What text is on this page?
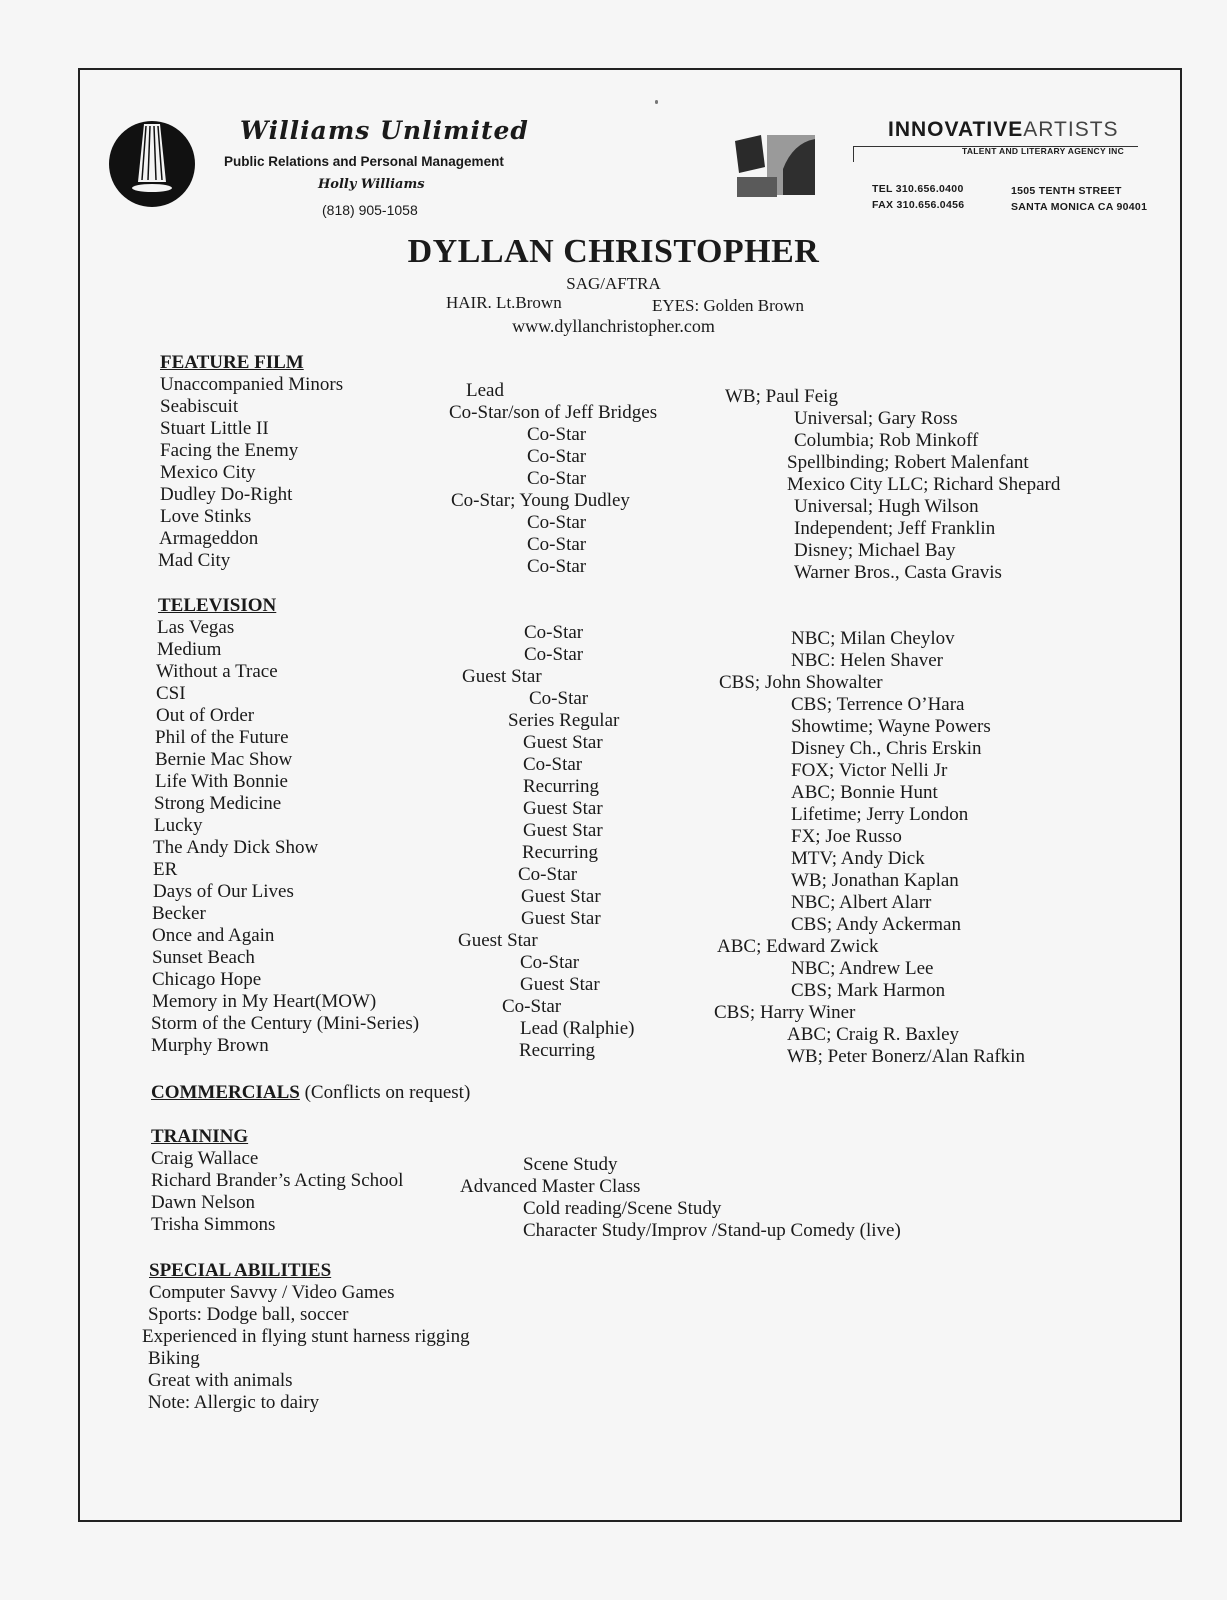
Williams Unlimited
Public Relations and Personal Management
Holly Williams
(818) 905-1058
INNOVATIVEARTISTS
TALENT AND LITERARY AGENCY INC
TEL 310.656.0400
FAX 310.656.0456
1505 TENTH STREET
SANTA MONICA CA 90401
DYLLAN CHRISTOPHER
SAG/AFTRA
HAIR. Lt.Brown	EYES: Golden Brown
www.dyllanchristopher.com
FEATURE FILM
Unaccompanied Minors	Lead	WB; Paul Feig
Seabiscuit	Co-Star/son of Jeff Bridges	Universal; Gary Ross
Stuart Little II	Co-Star	Columbia; Rob Minkoff
Facing the Enemy	Co-Star	Spellbinding; Robert Malenfant
Mexico City	Co-Star	Mexico City LLC; Richard Shepard
Dudley Do-Right	Co-Star; Young Dudley	Universal; Hugh Wilson
Love Stinks	Co-Star	Independent; Jeff Franklin
Armageddon	Co-Star	Disney; Michael Bay
Mad City	Co-Star	Warner Bros., Casta Gravis
TELEVISION
Las Vegas	Co-Star	NBC; Milan Cheylov
Medium	Co-Star	NBC: Helen Shaver
Without a Trace	Guest Star	CBS; John Showalter
CSI	Co-Star	CBS; Terrence O’Hara
Out of Order	Series Regular	Showtime; Wayne Powers
Phil of the Future	Guest Star	Disney Ch., Chris Erskin
Bernie Mac Show	Co-Star	FOX; Victor Nelli Jr
Life With Bonnie	Recurring	ABC; Bonnie Hunt
Strong Medicine	Guest Star	Lifetime; Jerry London
Lucky	Guest Star	FX; Joe Russo
The Andy Dick Show	Recurring	MTV; Andy Dick
ER	Co-Star	WB; Jonathan Kaplan
Days of Our Lives	Guest Star	NBC; Albert Alarr
Becker	Guest Star	CBS; Andy Ackerman
Once and Again	Guest Star	ABC; Edward Zwick
Sunset Beach	Co-Star	NBC; Andrew Lee
Chicago Hope	Guest Star	CBS; Mark Harmon
Memory in My Heart(MOW)	Co-Star	CBS; Harry Winer
Storm of the Century (Mini-Series)	Lead (Ralphie)	ABC; Craig R. Baxley
Murphy Brown	Recurring	WB; Peter Bonerz/Alan Rafkin
COMMERCIALS (Conflicts on request)
TRAINING
Craig Wallace	Scene Study
Richard Brander’s Acting School	Advanced Master Class
Dawn Nelson	Cold reading/Scene Study
Trisha Simmons	Character Study/Improv /Stand-up Comedy (live)
SPECIAL ABILITIES
Computer Savvy / Video Games
Sports: Dodge ball, soccer
Experienced in flying stunt harness rigging
Biking
Great with animals
Note: Allergic to dairy
